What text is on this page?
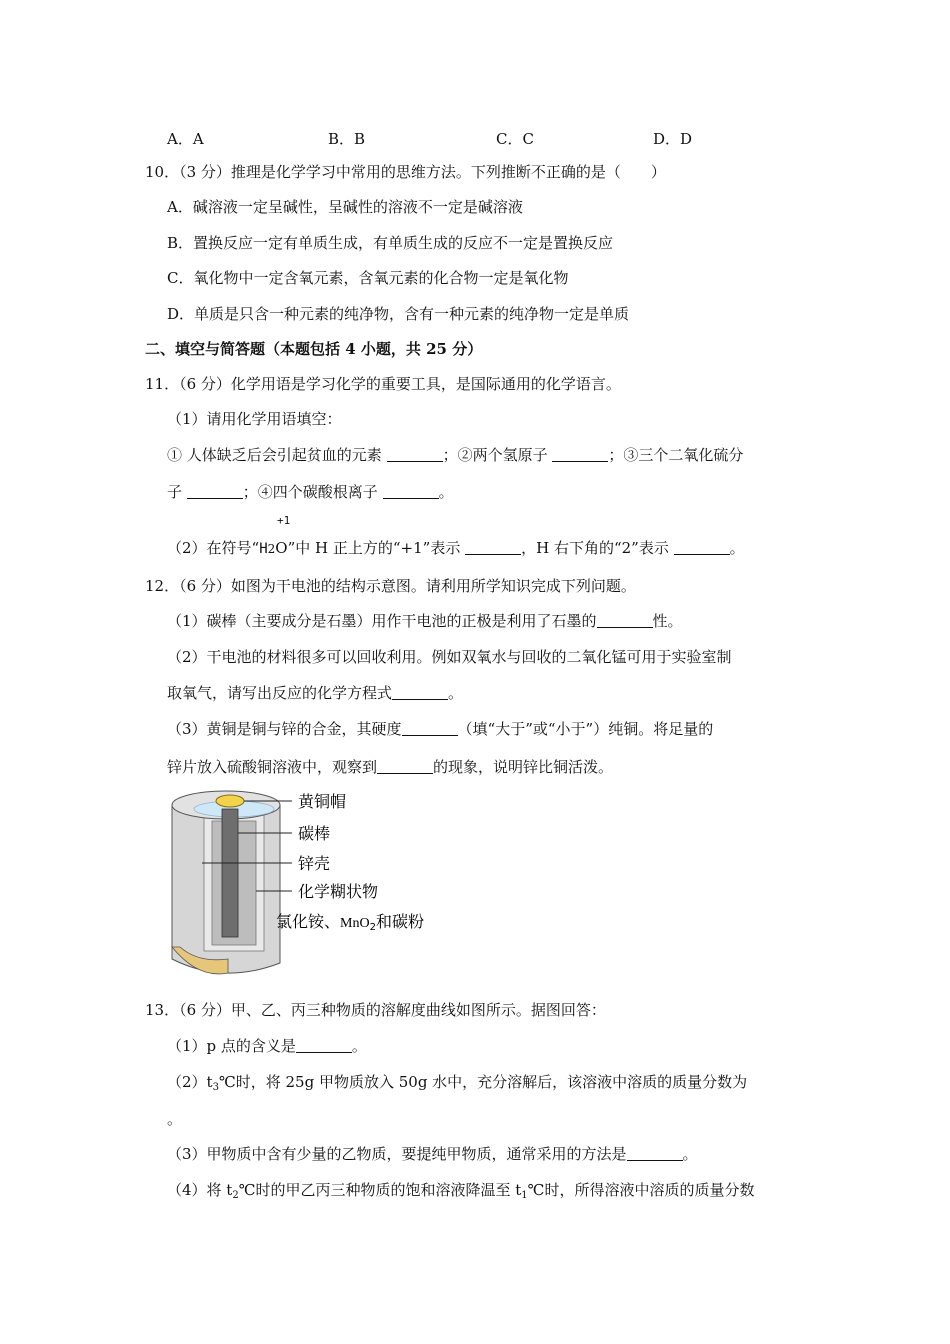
A．A	B．B	C．C	D．D
10．（3 分）推理是化学学习中常用的思维方法。下列推断不正确的是（　　）
A．碱溶液一定呈碱性，呈碱性的溶液不一定是碱溶液
B．置换反应一定有单质生成，有单质生成的反应不一定是置换反应
C．氧化物中一定含氧元素，含氧元素的化合物一定是氧化物
D．单质是只含一种元素的纯净物，含有一种元素的纯净物一定是单质
二、填空与简答题（本题包括 4 小题，共 25 分）
11．（6 分）化学用语是学习化学的重要工具，是国际通用的化学语言。
（1）请用化学用语填空：
① 人体缺乏后会引起贫血的元素	；②两个氢原子	；③三个二氧化硫分
子	；④四个碳酸根离子	。
+1
（2）在符号“H2O”中 H 正上方的“+1”表示	，H 右下角的“2”表示	。
12．（6 分）如图为干电池的结构示意图。请利用所学知识完成下列问题。
（1）碳棒（主要成分是石墨）用作干电池的正极是利用了石墨的	性。
（2）干电池的材料很多可以回收利用。例如双氧水与回收的二氧化锰可用于实验室制
取氧气，请写出反应的化学方程式	。
（3）黄铜是铜与锌的合金，其硬度	（填“大于”或“小于”）纯铜。将足量的
锌片放入硫酸铜溶液中，观察到	的现象，说明锌比铜活泼。
黄铜帽
碳棒
锌壳
化学糊状物
氯化铵、MnO2和碳粉
13．（6 分）甲、乙、丙三种物质的溶解度曲线如图所示。据图回答：
（1）p 点的含义是	。
$(2)t_3℃$时，将 25g 甲物质放入 50g 水中，充分溶解后，该溶液中溶质的质量分数为
。
（3）甲物质中含有少量的乙物质，要提纯甲物质，通常采用的方法是	。
（4）将 $t_2℃$时的甲乙丙三种物质的饱和溶液降温至 $t_1℃$时，所得溶液中溶质的质量分数
